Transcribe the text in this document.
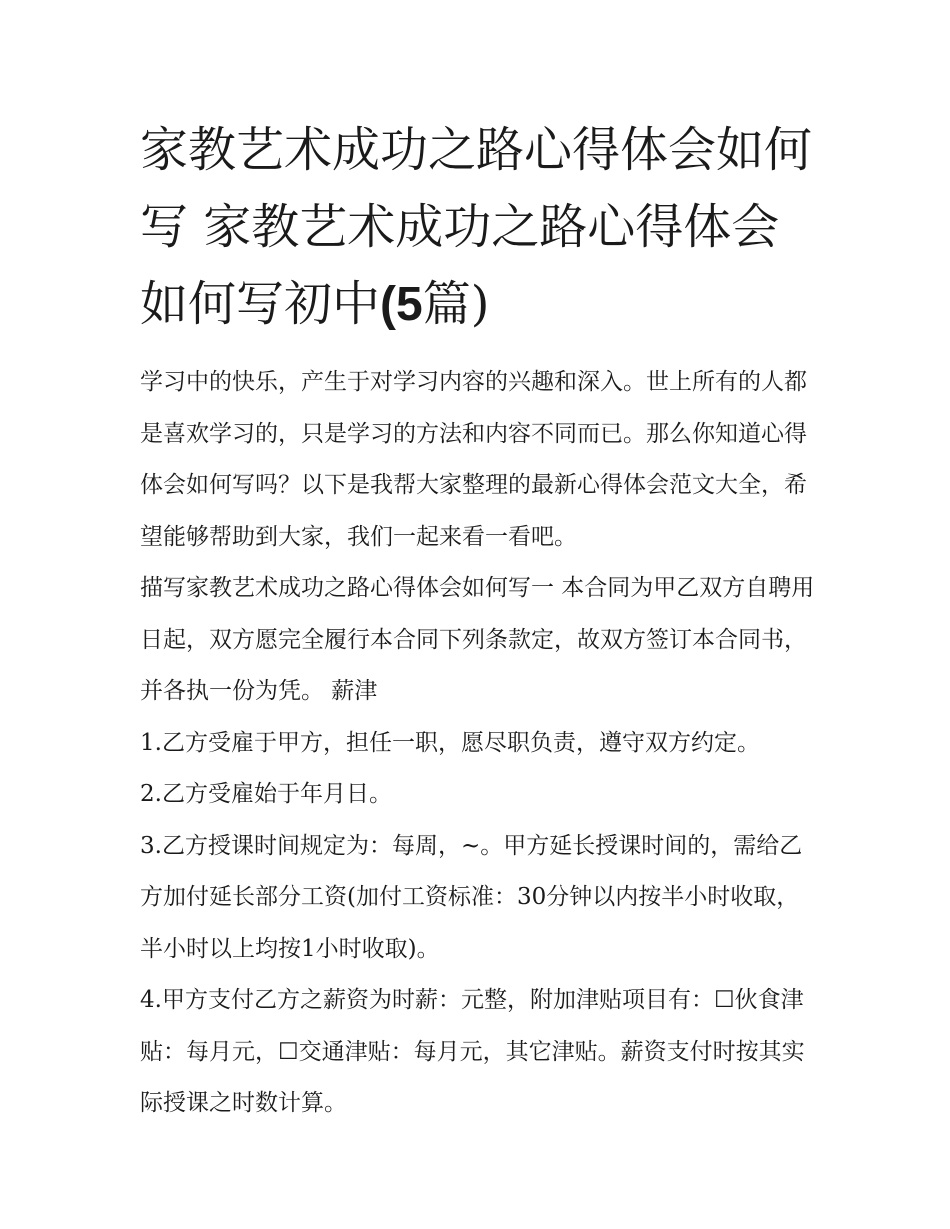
家教艺术成功之路心得体会如何写 家教艺术成功之路心得体会如何写初中(5篇)

学习中的快乐，产生于对学习内容的兴趣和深入。世上所有的人都是喜欢学习的，只是学习的方法和内容不同而已。那么你知道心得体会如何写吗？以下是我帮大家整理的最新心得体会范文大全，希望能够帮助到大家，我们一起来看一看吧。

描写家教艺术成功之路心得体会如何写一 本合同为甲乙双方自聘用日起，双方愿完全履行本合同下列条款定，故双方签订本合同书，并各执一份为凭。 薪津

1.乙方受雇于甲方，担任一职，愿尽职负责，遵守双方约定。

2.乙方受雇始于年月日。

3.乙方授课时间规定为：每周，~。甲方延长授课时间的，需给乙方加付延长部分工资(加付工资标准：30分钟以内按半小时收取，半小时以上均按1小时收取)。

4.甲方支付乙方之薪资为时薪：元整，附加津贴项目有：☐伙食津贴：每月元，☐交通津贴：每月元，其它津贴。薪资支付时按其实际授课之时数计算。
